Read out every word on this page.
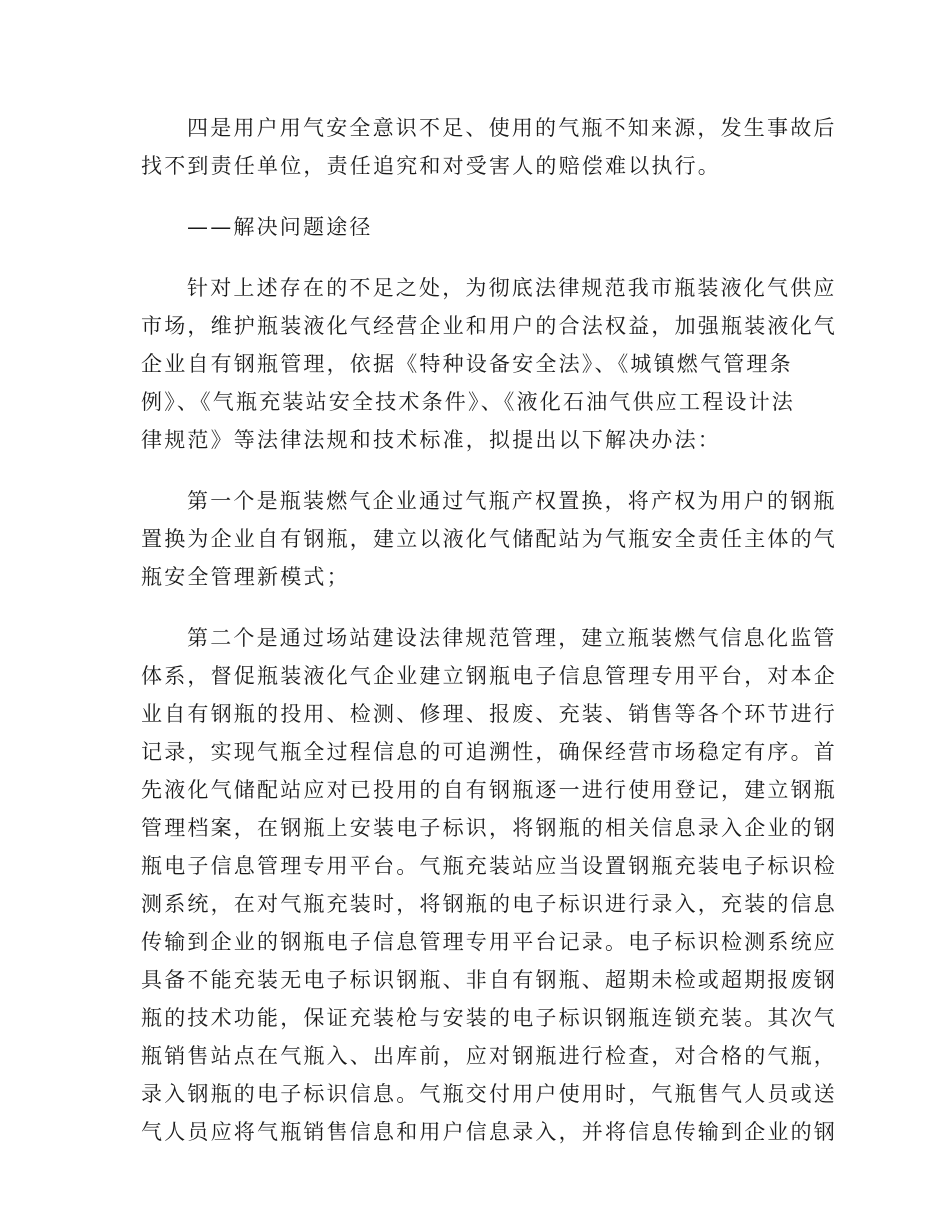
四是用户用气安全意识不足、使用的气瓶不知来源，发生事故后
找不到责任单位，责任追究和对受害人的赔偿难以执行。

——解决问题途径

针对上述存在的不足之处，为彻底法律规范我市瓶装液化气供应
市场，维护瓶装液化气经营企业和用户的合法权益，加强瓶装液化气
企业自有钢瓶管理，依据《特种设备安全法》、《城镇燃气管理条
例》、《气瓶充装站安全技术条件》、《液化石油气供应工程设计法
律规范》等法律法规和技术标准，拟提出以下解决办法：

第一个是瓶装燃气企业通过气瓶产权置换，将产权为用户的钢瓶
置换为企业自有钢瓶，建立以液化气储配站为气瓶安全责任主体的气
瓶安全管理新模式；

第二个是通过场站建设法律规范管理，建立瓶装燃气信息化监管
体系，督促瓶装液化气企业建立钢瓶电子信息管理专用平台，对本企
业自有钢瓶的投用、检测、修理、报废、充装、销售等各个环节进行
记录，实现气瓶全过程信息的可追溯性，确保经营市场稳定有序。首
先液化气储配站应对已投用的自有钢瓶逐一进行使用登记，建立钢瓶
管理档案，在钢瓶上安装电子标识，将钢瓶的相关信息录入企业的钢
瓶电子信息管理专用平台。气瓶充装站应当设置钢瓶充装电子标识检
测系统，在对气瓶充装时，将钢瓶的电子标识进行录入，充装的信息
传输到企业的钢瓶电子信息管理专用平台记录。电子标识检测系统应
具备不能充装无电子标识钢瓶、非自有钢瓶、超期未检或超期报废钢
瓶的技术功能，保证充装枪与安装的电子标识钢瓶连锁充装。其次气
瓶销售站点在气瓶入、出库前，应对钢瓶进行检查，对合格的气瓶，
录入钢瓶的电子标识信息。气瓶交付用户使用时，气瓶售气人员或送
气人员应将气瓶销售信息和用户信息录入，并将信息传输到企业的钢
